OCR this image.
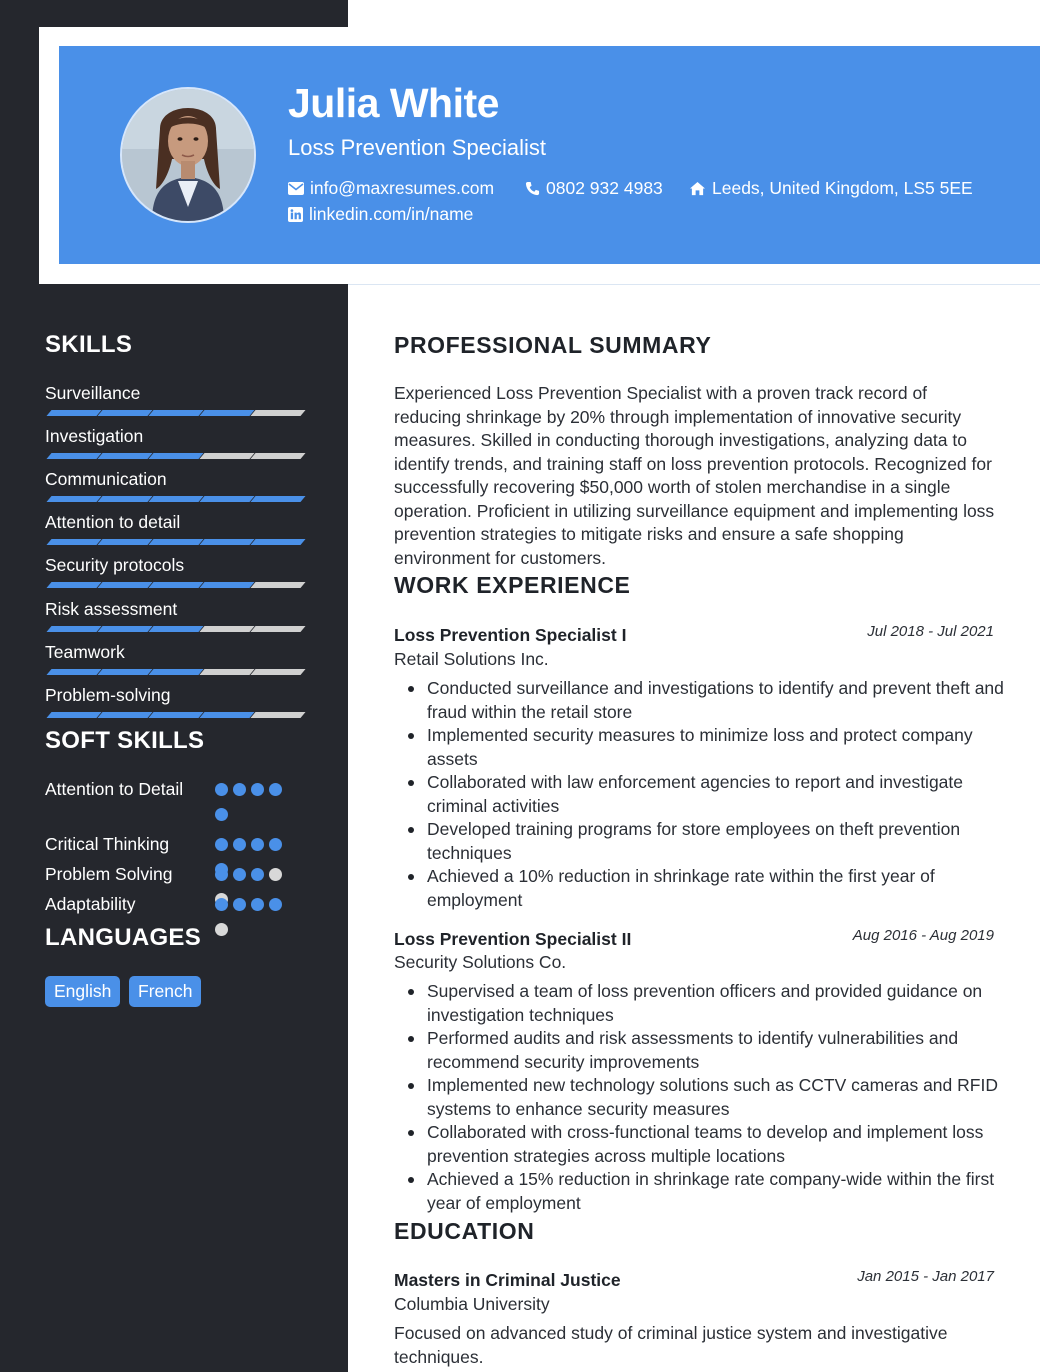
Julia White
Loss Prevention Specialist
info@maxresumes.com	0802 932 4983	Leeds, United Kingdom, LS5 5EE
linkedin.com/in/name
SKILLS
Surveillance
Investigation
Communication
Attention to detail
Security protocols
Risk assessment
Teamwork
Problem-solving
SOFT SKILLS
Attention to Detail
Critical Thinking
Problem Solving
Adaptability
LANGUAGES
English	French
PROFESSIONAL SUMMARY
Experienced Loss Prevention Specialist with a proven track record of reducing shrinkage by 20% through implementation of innovative security measures. Skilled in conducting thorough investigations, analyzing data to identify trends, and training staff on loss prevention protocols. Recognized for successfully recovering $50,000 worth of stolen merchandise in a single operation. Proficient in utilizing surveillance equipment and implementing loss prevention strategies to mitigate risks and ensure a safe shopping environment for customers.
WORK EXPERIENCE
Loss Prevention Specialist I	Jul 2018 - Jul 2021
Retail Solutions Inc.
Conducted surveillance and investigations to identify and prevent theft and fraud within the retail store
Implemented security measures to minimize loss and protect company assets
Collaborated with law enforcement agencies to report and investigate criminal activities
Developed training programs for store employees on theft prevention techniques
Achieved a 10% reduction in shrinkage rate within the first year of employment
Loss Prevention Specialist II	Aug 2016 - Aug 2019
Security Solutions Co.
Supervised a team of loss prevention officers and provided guidance on investigation techniques
Performed audits and risk assessments to identify vulnerabilities and recommend security improvements
Implemented new technology solutions such as CCTV cameras and RFID systems to enhance security measures
Collaborated with cross-functional teams to develop and implement loss prevention strategies across multiple locations
Achieved a 15% reduction in shrinkage rate company-wide within the first year of employment
EDUCATION
Masters in Criminal Justice	Jan 2015 - Jan 2017
Columbia University
Focused on advanced study of criminal justice system and investigative techniques.
